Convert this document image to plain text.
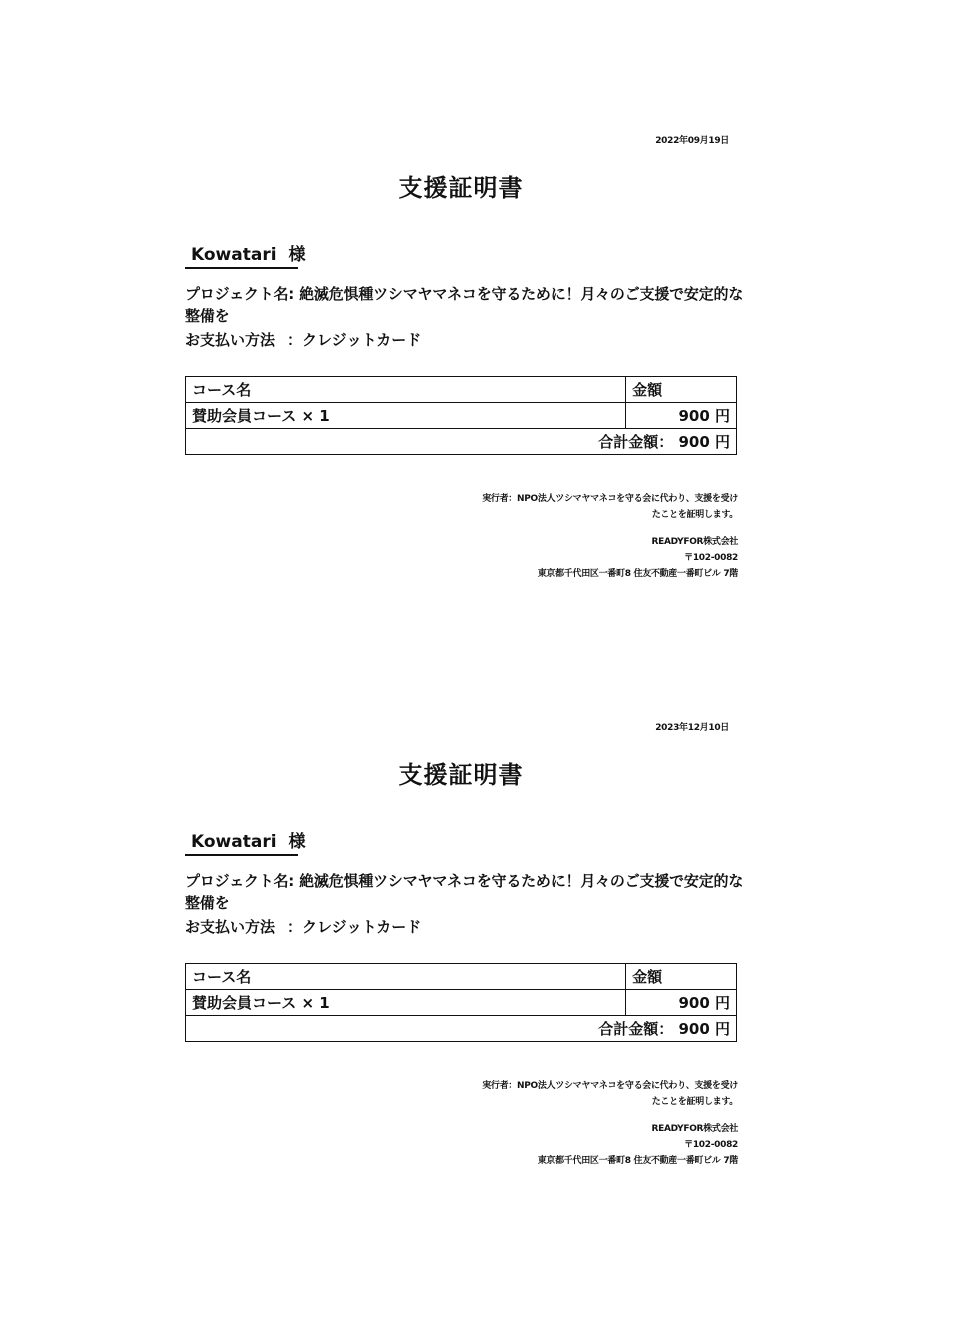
2022年09月19日
支援証明書
Kowatari 様
プロジェクト名: 絶滅危惧種ツシマヤマネコを守るために！月々のご支援で安定的な整備を
お支払い方法 ：クレジットカード
コース名	金額
賛助会員コース × 1	900 円
合計金額： 900 円	
実行者：NPO法人ツシマヤマネコを守る会に代わり、支援を受け
たことを証明します。
READYFOR株式会社
〒102-0082
東京都千代田区一番町8 住友不動産一番町ビル 7階
2023年12月10日
支援証明書
Kowatari 様
プロジェクト名: 絶滅危惧種ツシマヤマネコを守るために！月々のご支援で安定的な整備を
お支払い方法 ：クレジットカード
コース名	金額
賛助会員コース × 1	900 円
合計金額： 900 円	
実行者：NPO法人ツシマヤマネコを守る会に代わり、支援を受け
たことを証明します。
READYFOR株式会社
〒102-0082
東京都千代田区一番町8 住友不動産一番町ビル 7階
